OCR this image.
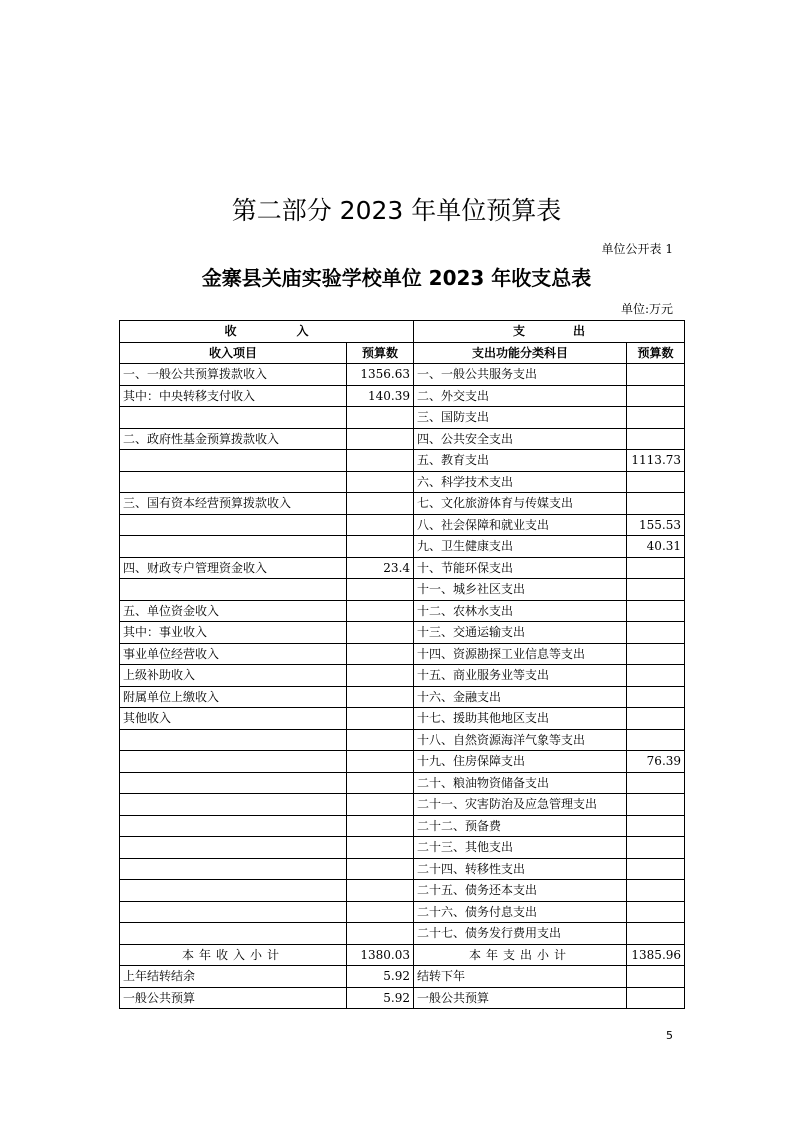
第二部分 2023 年单位预算表
单位公开表 1
金寨县关庙实验学校单位 2023 年收支总表
单位:万元
收　　　　　入		支　　　　出	
收入项目	预算数	支出功能分类科目	预算数
一、一般公共预算拨款收入	1356.63	一、一般公共服务支出	
其中：中央转移支付收入	140.39	二、外交支出	
		三、国防支出	
二、政府性基金预算拨款收入		四、公共安全支出	
		五、教育支出	1113.73
		六、科学技术支出	
三、国有资本经营预算拨款收入		七、文化旅游体育与传媒支出	
		八、社会保障和就业支出	155.53
		九、卫生健康支出	40.31
四、财政专户管理资金收入	23.4	十、节能环保支出	
		十一、城乡社区支出	
五、单位资金收入		十二、农林水支出	
其中：事业收入		十三、交通运输支出	
事业单位经营收入		十四、资源勘探工业信息等支出	
上级补助收入		十五、商业服务业等支出	
附属单位上缴收入		十六、金融支出	
其他收入		十七、援助其他地区支出	
		十八、自然资源海洋气象等支出	
		十九、住房保障支出	76.39
		二十、粮油物资储备支出	
		二十一、灾害防治及应急管理支出	
		二十二、预备费	
		二十三、其他支出	
		二十四、转移性支出	
		二十五、债务还本支出	
		二十六、债务付息支出	
		二十七、债务发行费用支出	
本年收入小计	1380.03	本年支出小计	1385.96
上年结转结余	5.92	结转下年	
一般公共预算	5.92	一般公共预算	
5
